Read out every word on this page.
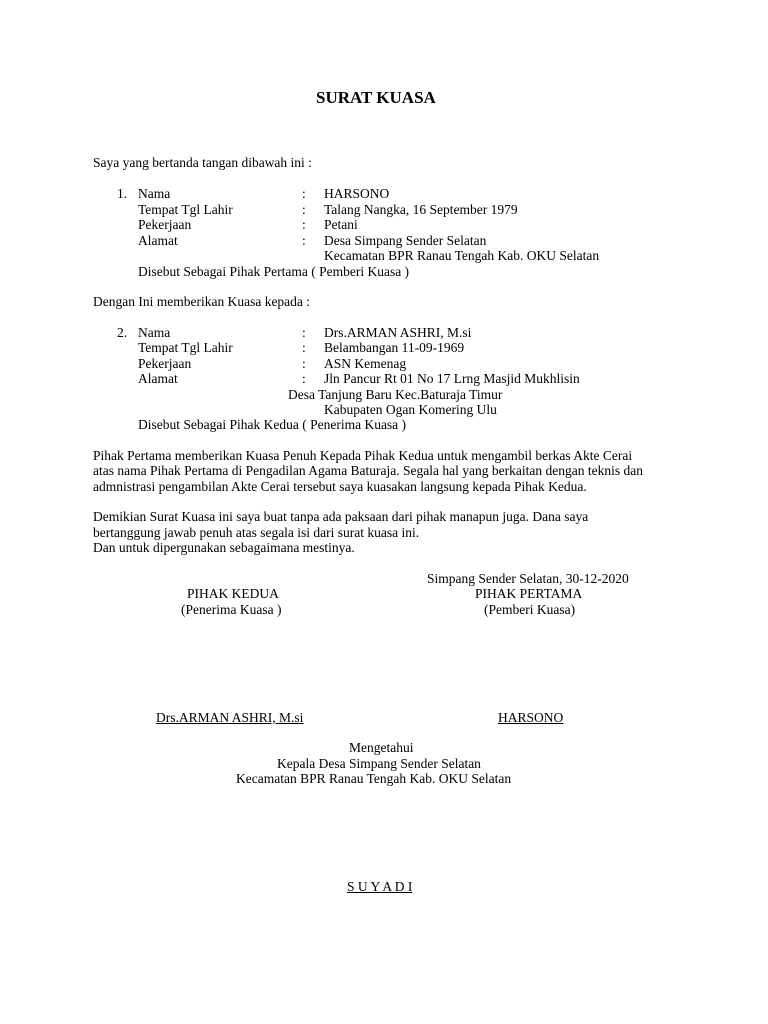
SURAT KUASA
Saya yang bertanda tangan dibawah ini :
1. Nama	: HARSONO
Tempat Tgl Lahir	: Talang Nangka, 16 September 1979
Pekerjaan	: Petani
Alamat	: Desa Simpang Sender Selatan
Kecamatan BPR Ranau Tengah Kab. OKU Selatan
Disebut Sebagai Pihak Pertama ( Pemberi Kuasa )
Dengan Ini memberikan Kuasa kepada :
2. Nama	: Drs.ARMAN ASHRI, M.si
Tempat Tgl Lahir	: Belambangan 11-09-1969
Pekerjaan	: ASN Kemenag
Alamat	: Jln Pancur Rt 01 No 17 Lrng Masjid Mukhlisin
Desa Tanjung Baru Kec.Baturaja Timur
Kabupaten Ogan Komering Ulu
Disebut Sebagai Pihak Kedua ( Penerima Kuasa )
Pihak Pertama memberikan Kuasa Penuh Kepada Pihak Kedua untuk mengambil berkas Akte Cerai
atas nama Pihak Pertama di Pengadilan Agama Baturaja. Segala hal yang berkaitan dengan teknis dan
admnistrasi pengambilan Akte Cerai tersebut saya kuasakan langsung kepada Pihak Kedua.
Demikian Surat Kuasa ini saya buat tanpa ada paksaan dari pihak manapun juga. Dana saya
bertanggung jawab penuh atas segala isi dari surat kuasa ini.
Dan untuk dipergunakan sebagaimana mestinya.
Simpang Sender Selatan, 30-12-2020
PIHAK KEDUA
(Penerima Kuasa )
PIHAK PERTAMA
(Pemberi Kuasa)
Drs.ARMAN ASHRI, M.si	HARSONO
Mengetahui
Kepala Desa Simpang Sender Selatan
Kecamatan BPR Ranau Tengah Kab. OKU Selatan
S U Y A D I
